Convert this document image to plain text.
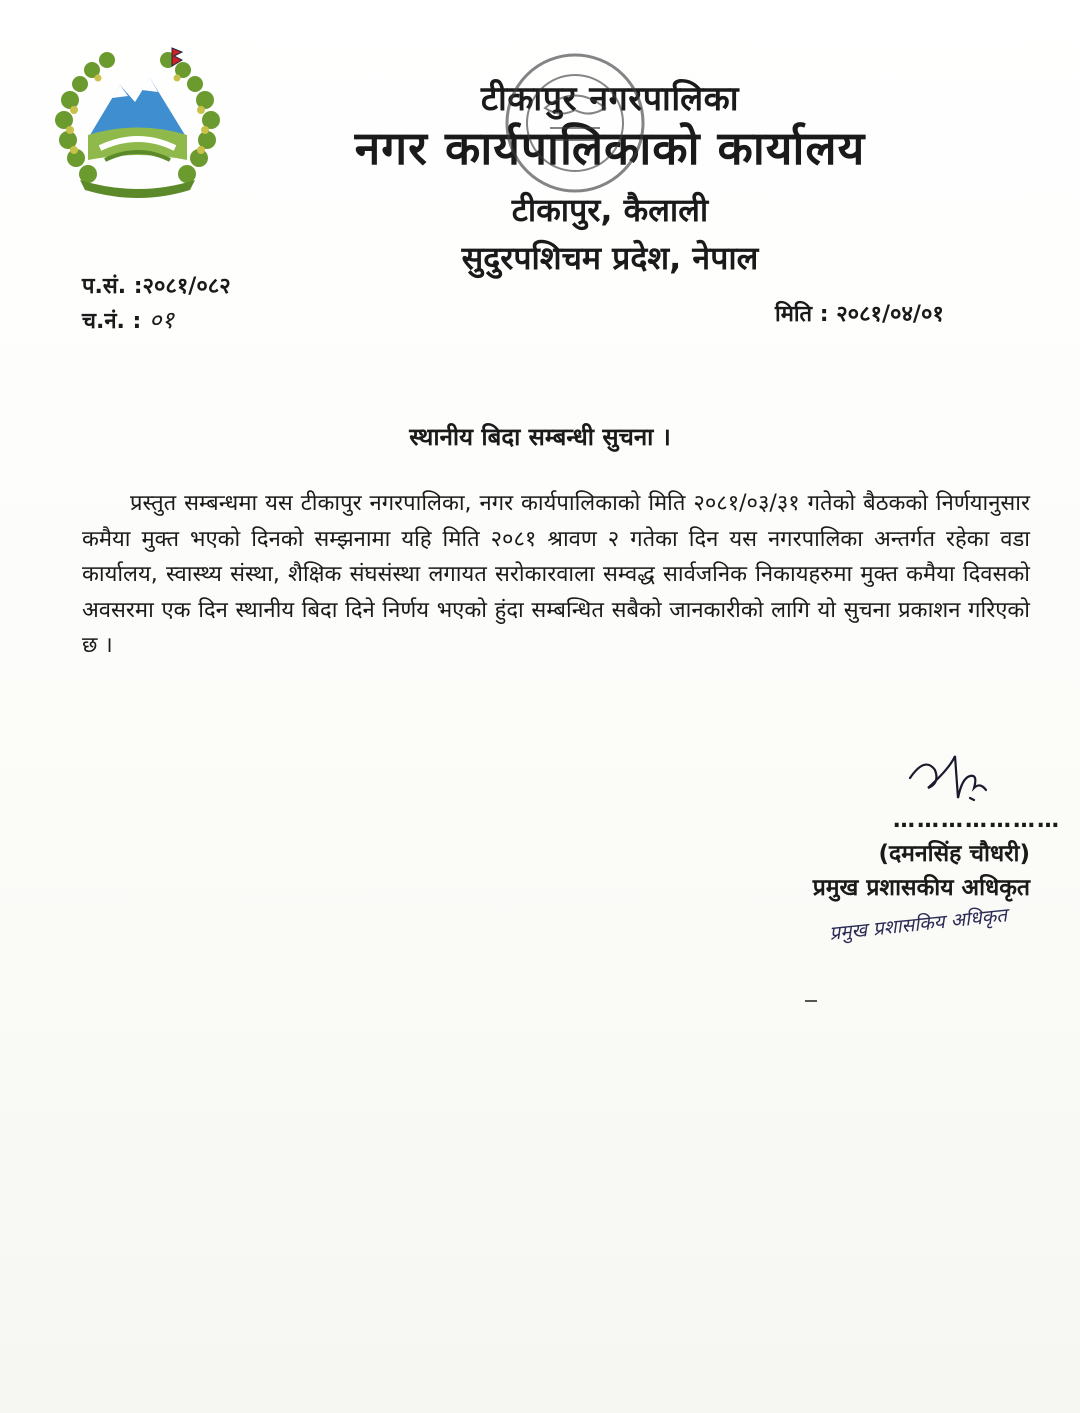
टीकापुर नगरपालिका
नगर कार्यपालिकाको कार्यालय
टीकापुर, कैलाली
सुदुरपशिचम प्रदेश, नेपाल
प.सं. :२०८१/०८२
च.नं. : ०१	मिति : २०८१/०४/०१
स्थानीय बिदा सम्बन्धी सुचना ।
प्रस्तुत सम्बन्धमा यस टीकापुर नगरपालिका, नगर कार्यपालिकाको मिति २०८१/०३/३१ गतेको बैठकको निर्णयानुसार कमैया मुक्त भएको दिनको सम्झनामा यहि मिति २०८१ श्रावण २ गतेका दिन यस नगरपालिका अन्तर्गत रहेका वडा कार्यालय, स्वास्थ्य संस्था, शैक्षिक संघसंस्था लगायत सरोकारवाला सम्वद्ध सार्वजनिक निकायहरुमा मुक्त कमैया दिवसको अवसरमा एक दिन स्थानीय बिदा दिने निर्णय भएको हुंदा सम्बन्धित सबैको जानकारीको लागि यो सुचना प्रकाशन गरिएको छ ।
…………………
(दमनसिंह चौधरी)
प्रमुख प्रशासकीय अधिकृत
प्रमुख प्रशासकिय अधिकृत
